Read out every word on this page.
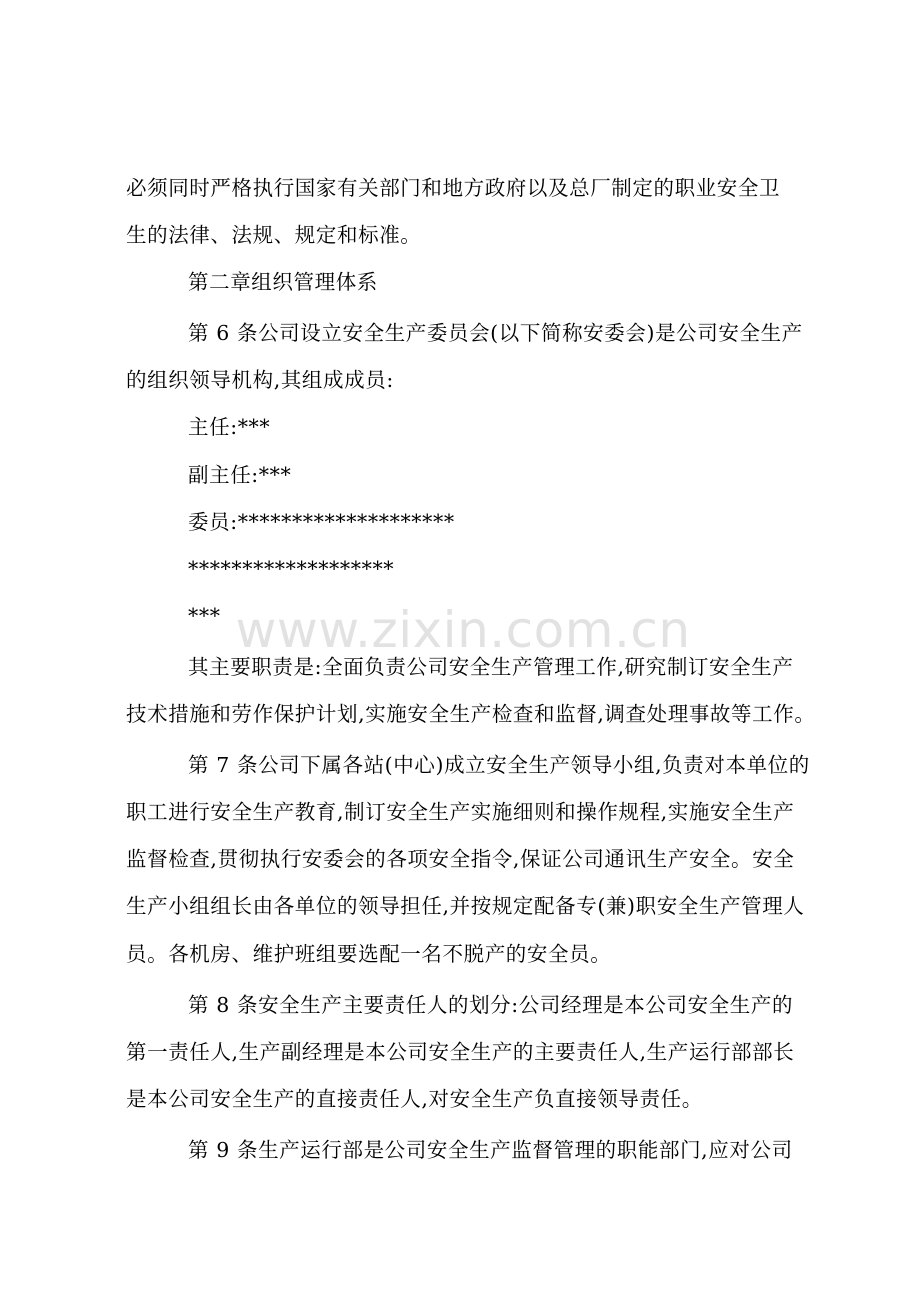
必须同时严格执行国家有关部门和地方政府以及总厂制定的职业安全卫
生的法律、法规、规定和标准。
第二章组织管理体系
第 6 条公司设立安全生产委员会(以下简称安委会)是公司安全生产
的组织领导机构,其组成成员:
主任:***
副主任:***
委员:********************
*******************
***
其主要职责是:全面负责公司安全生产管理工作,研究制订安全生产
技术措施和劳作保护计划,实施安全生产检查和监督,调查处理事故等工作。
第 7 条公司下属各站(中心)成立安全生产领导小组,负责对本单位的
职工进行安全生产教育,制订安全生产实施细则和操作规程,实施安全生产
监督检查,贯彻执行安委会的各项安全指令,保证公司通讯生产安全。安全
生产小组组长由各单位的领导担任,并按规定配备专(兼)职安全生产管理人
员。各机房、维护班组要选配一名不脱产的安全员。
第 8 条安全生产主要责任人的划分:公司经理是本公司安全生产的
第一责任人,生产副经理是本公司安全生产的主要责任人,生产运行部部长
是本公司安全生产的直接责任人,对安全生产负直接领导责任。
第 9 条生产运行部是公司安全生产监督管理的职能部门,应对公司
www.zixin.com.cn
